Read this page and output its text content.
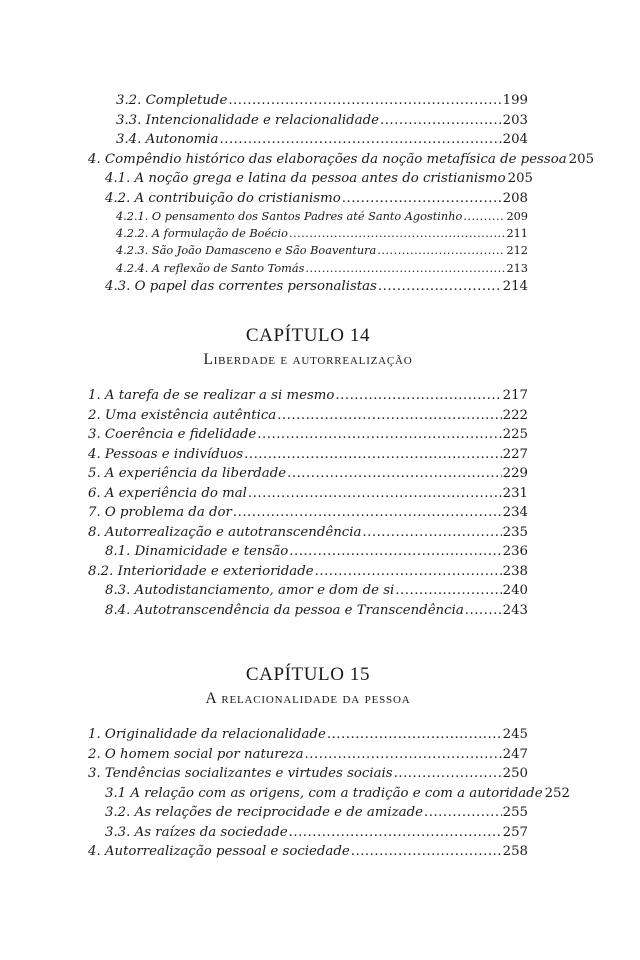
3.2. Completude .....	199
3.3. Intencionalidade e relacionalidade .....	203
3.4. Autonomia .....	204
4. Compêndio histórico das elaborações da noção metafísica de pessoa 205
4.1. A noção grega e latina da pessoa antes do cristianismo 205
4.2. A contribuição do cristianismo .....	208
4.2.1. O pensamento dos Santos Padres até Santo Agostinho .....	209
4.2.2. A formulação de Boécio .....	211
4.2.3. São João Damasceno e São Boaventura .....	212
4.2.4. A reflexão de Santo Tomás .....	213
4.3. O papel das correntes personalistas .....	214
CAPÍTULO 14
Liberdade e autorrealização
1. A tarefa de se realizar a si mesmo .....	217
2. Uma existência autêntica .....	222
3. Coerência e fidelidade .....	225
4. Pessoas e indivíduos .....	227
5. A experiência da liberdade .....	229
6. A experiência do mal .....	231
7. O problema da dor .....	234
8. Autorrealização e autotranscendência .....	235
8.1. Dinamicidade e tensão .....	236
8.2. Interioridade e exterioridade .....	238
8.3. Autodistanciamento, amor e dom de si .....	240
8.4. Autotranscendência da pessoa e Transcendência .....	243
CAPÍTULO 15
A relacionalidade da pessoa
1. Originalidade da relacionalidade .....	245
2. O homem social por natureza .....	247
3. Tendências socializantes e virtudes sociais .....	250
3.1 A relação com as origens, com a tradição e com a autoridade 252
3.2. As relações de reciprocidade e de amizade .....	255
3.3. As raízes da sociedade .....	257
4. Autorrealização pessoal e sociedade .....	258
